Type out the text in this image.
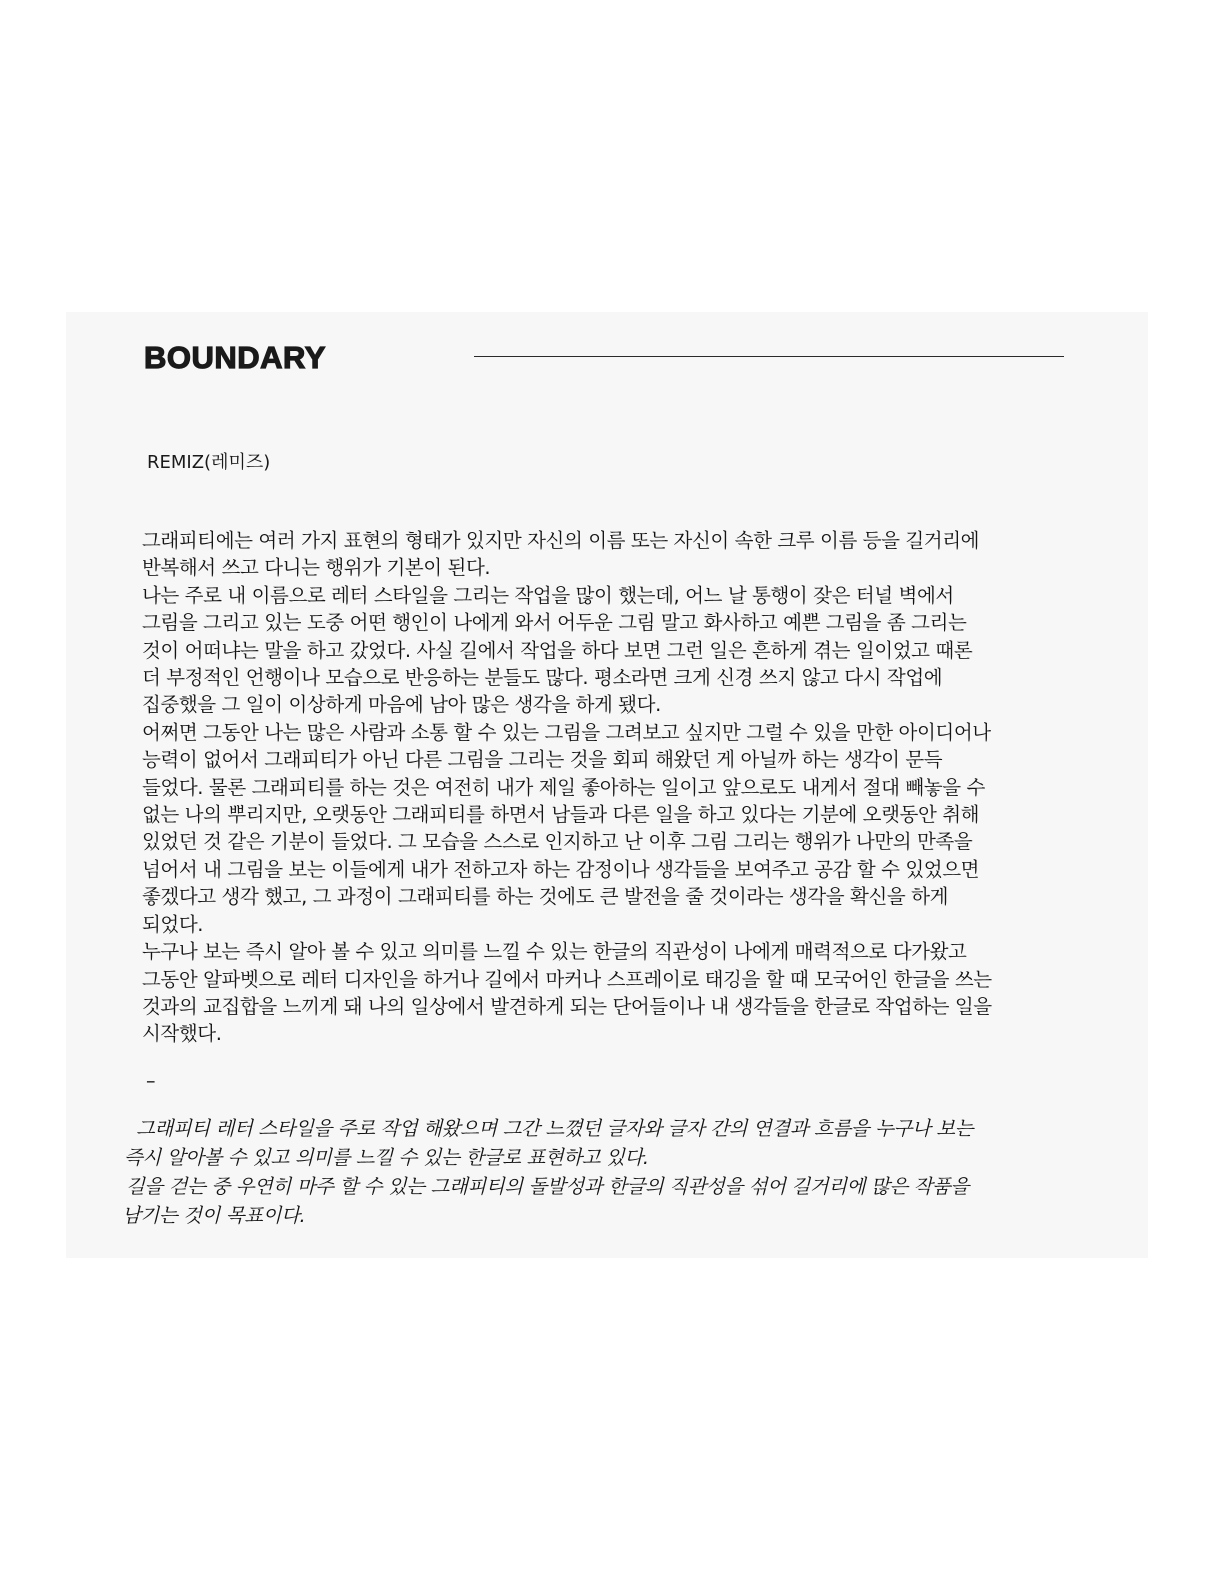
BOUNDARY

REMIZ(레미즈)

그래피티에는 여러 가지 표현의 형태가 있지만 자신의 이름 또는 자신이 속한 크루 이름 등을 길거리에
반복해서 쓰고 다니는 행위가 기본이 된다.
나는 주로 내 이름으로 레터 스타일을 그리는 작업을 많이 했는데, 어느 날 통행이 잦은 터널 벽에서
그림을 그리고 있는 도중 어떤 행인이 나에게 와서 어두운 그림 말고 화사하고 예쁜 그림을 좀 그리는
것이 어떠냐는 말을 하고 갔었다. 사실 길에서 작업을 하다 보면 그런 일은 흔하게 겪는 일이었고 때론
더 부정적인 언행이나 모습으로 반응하는 분들도 많다. 평소라면 크게 신경 쓰지 않고 다시 작업에
집중했을 그 일이 이상하게 마음에 남아 많은 생각을 하게 됐다.
어쩌면 그동안 나는 많은 사람과 소통 할 수 있는 그림을 그려보고 싶지만 그럴 수 있을 만한 아이디어나
능력이 없어서 그래피티가 아닌 다른 그림을 그리는 것을 회피 해왔던 게 아닐까 하는 생각이 문득
들었다. 물론 그래피티를 하는 것은 여전히 내가 제일 좋아하는 일이고 앞으로도 내게서 절대 빼놓을 수
없는 나의 뿌리지만, 오랫동안 그래피티를 하면서 남들과 다른 일을 하고 있다는 기분에 오랫동안 취해
있었던 것 같은 기분이 들었다. 그 모습을 스스로 인지하고 난 이후 그림 그리는 행위가 나만의 만족을
넘어서 내 그림을 보는 이들에게 내가 전하고자 하는 감정이나 생각들을 보여주고 공감 할 수 있었으면
좋겠다고 생각 했고, 그 과정이 그래피티를 하는 것에도 큰 발전을 줄 것이라는 생각을 확신을 하게
되었다.
누구나 보는 즉시 알아 볼 수 있고 의미를 느낄 수 있는 한글의 직관성이 나에게 매력적으로 다가왔고
그동안 알파벳으로 레터 디자인을 하거나 길에서 마커나 스프레이로 태깅을 할 때 모국어인 한글을 쓰는
것과의 교집합을 느끼게 돼 나의 일상에서 발견하게 되는 단어들이나 내 생각들을 한글로 작업하는 일을
시작했다.

–

그래피티 레터 스타일을 주로 작업 해왔으며 그간 느꼈던 글자와 글자 간의 연결과 흐름을 누구나 보는
즉시 알아볼 수 있고 의미를 느낄 수 있는 한글로 표현하고 있다.
길을 걷는 중 우연히 마주 할 수 있는 그래피티의 돌발성과 한글의 직관성을 섞어 길거리에 많은 작품을
남기는 것이 목표이다.
